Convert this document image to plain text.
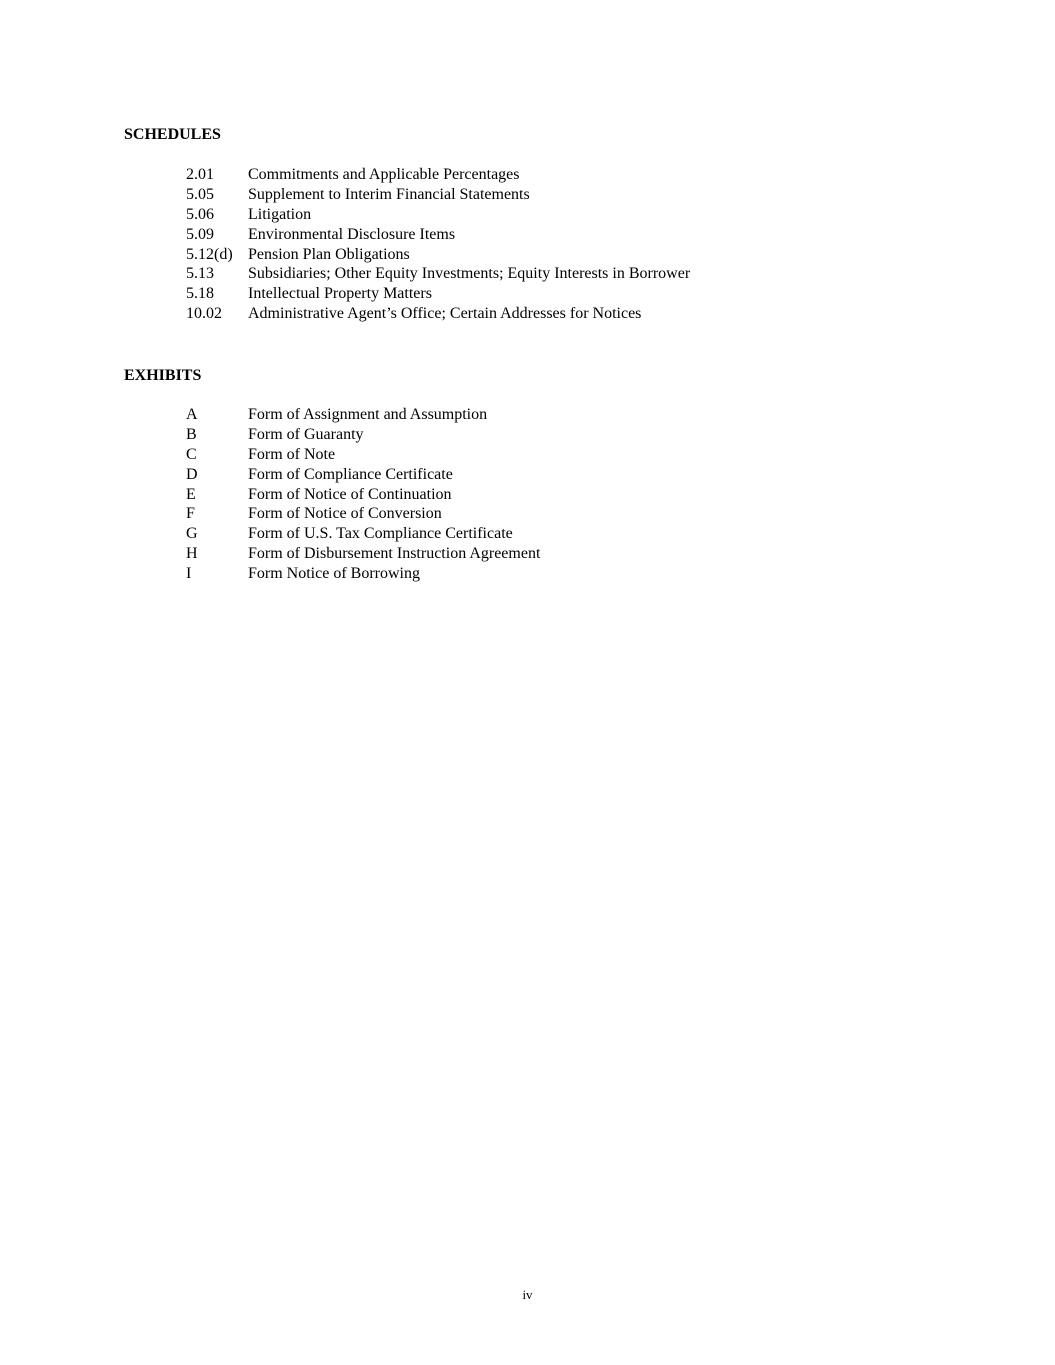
SCHEDULES
2.01	Commitments and Applicable Percentages
5.05	Supplement to Interim Financial Statements
5.06	Litigation
5.09	Environmental Disclosure Items
5.12(d) Pension Plan Obligations
5.13	Subsidiaries; Other Equity Investments; Equity Interests in Borrower
5.18	Intellectual Property Matters
10.02	Administrative Agent’s Office; Certain Addresses for Notices
EXHIBITS
A	Form of Assignment and Assumption
B	Form of Guaranty
C	Form of Note
D	Form of Compliance Certificate
E	Form of Notice of Continuation
F	Form of Notice of Conversion
G	Form of U.S. Tax Compliance Certificate
H	Form of Disbursement Instruction Agreement
I	Form Notice of Borrowing
iv
